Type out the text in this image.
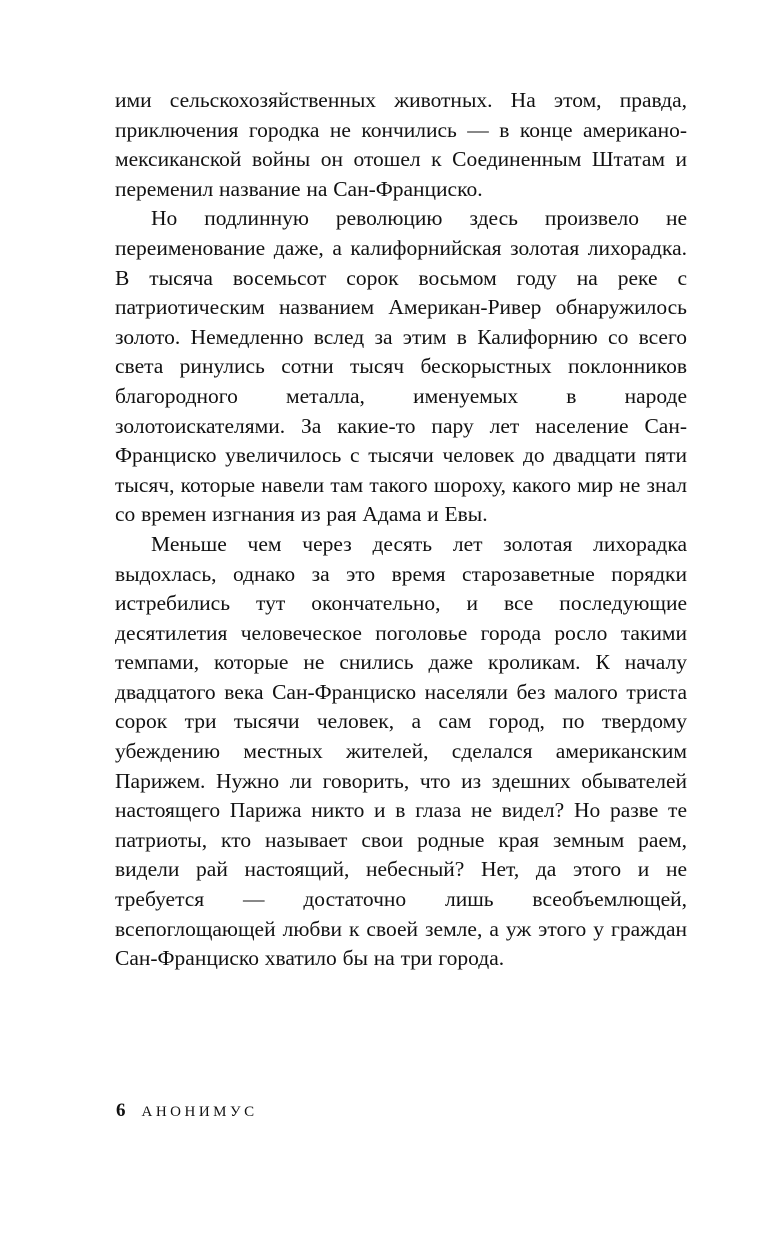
ими сельскохозяйственных животных. На этом, правда, приключения городка не кончились — в конце американо-мексиканской войны он отошел к Соединенным Штатам и переменил название на Сан-Франциско.

Но подлинную революцию здесь произвело не переименование даже, а калифорнийская золотая лихорадка. В тысяча восемьсот сорок восьмом году на реке с патриотическим названием Американ-Ривер обнаружилось золото. Немедленно вслед за этим в Калифорнию со всего света ринулись сотни тысяч бескорыстных поклонников благородного металла, именуемых в народе золотоискателями. За какие-то пару лет население Сан-Франциско увеличилось с тысячи человек до двадцати пяти тысяч, которые навели там такого шороху, какого мир не знал со времен изгнания из рая Адама и Евы.

Меньше чем через десять лет золотая лихорадка выдохлась, однако за это время старозаветные порядки истребились тут окончательно, и все последующие десятилетия человеческое поголовье города росло такими темпами, которые не снились даже кроликам. К началу двадцатого века Сан-Франциско населяли без малого триста сорок три тысячи человек, а сам город, по твердому убеждению местных жителей, сделался американским Парижем. Нужно ли говорить, что из здешних обывателей настоящего Парижа никто и в глаза не видел? Но разве те патриоты, кто называет свои родные края земным раем, видели рай настоящий, небесный? Нет, да этого и не требуется — достаточно лишь всеобъемлющей, всепоглощающей любви к своей земле, а уж этого у граждан Сан-Франциско хватило бы на три города.

6 АНОНИМУС
